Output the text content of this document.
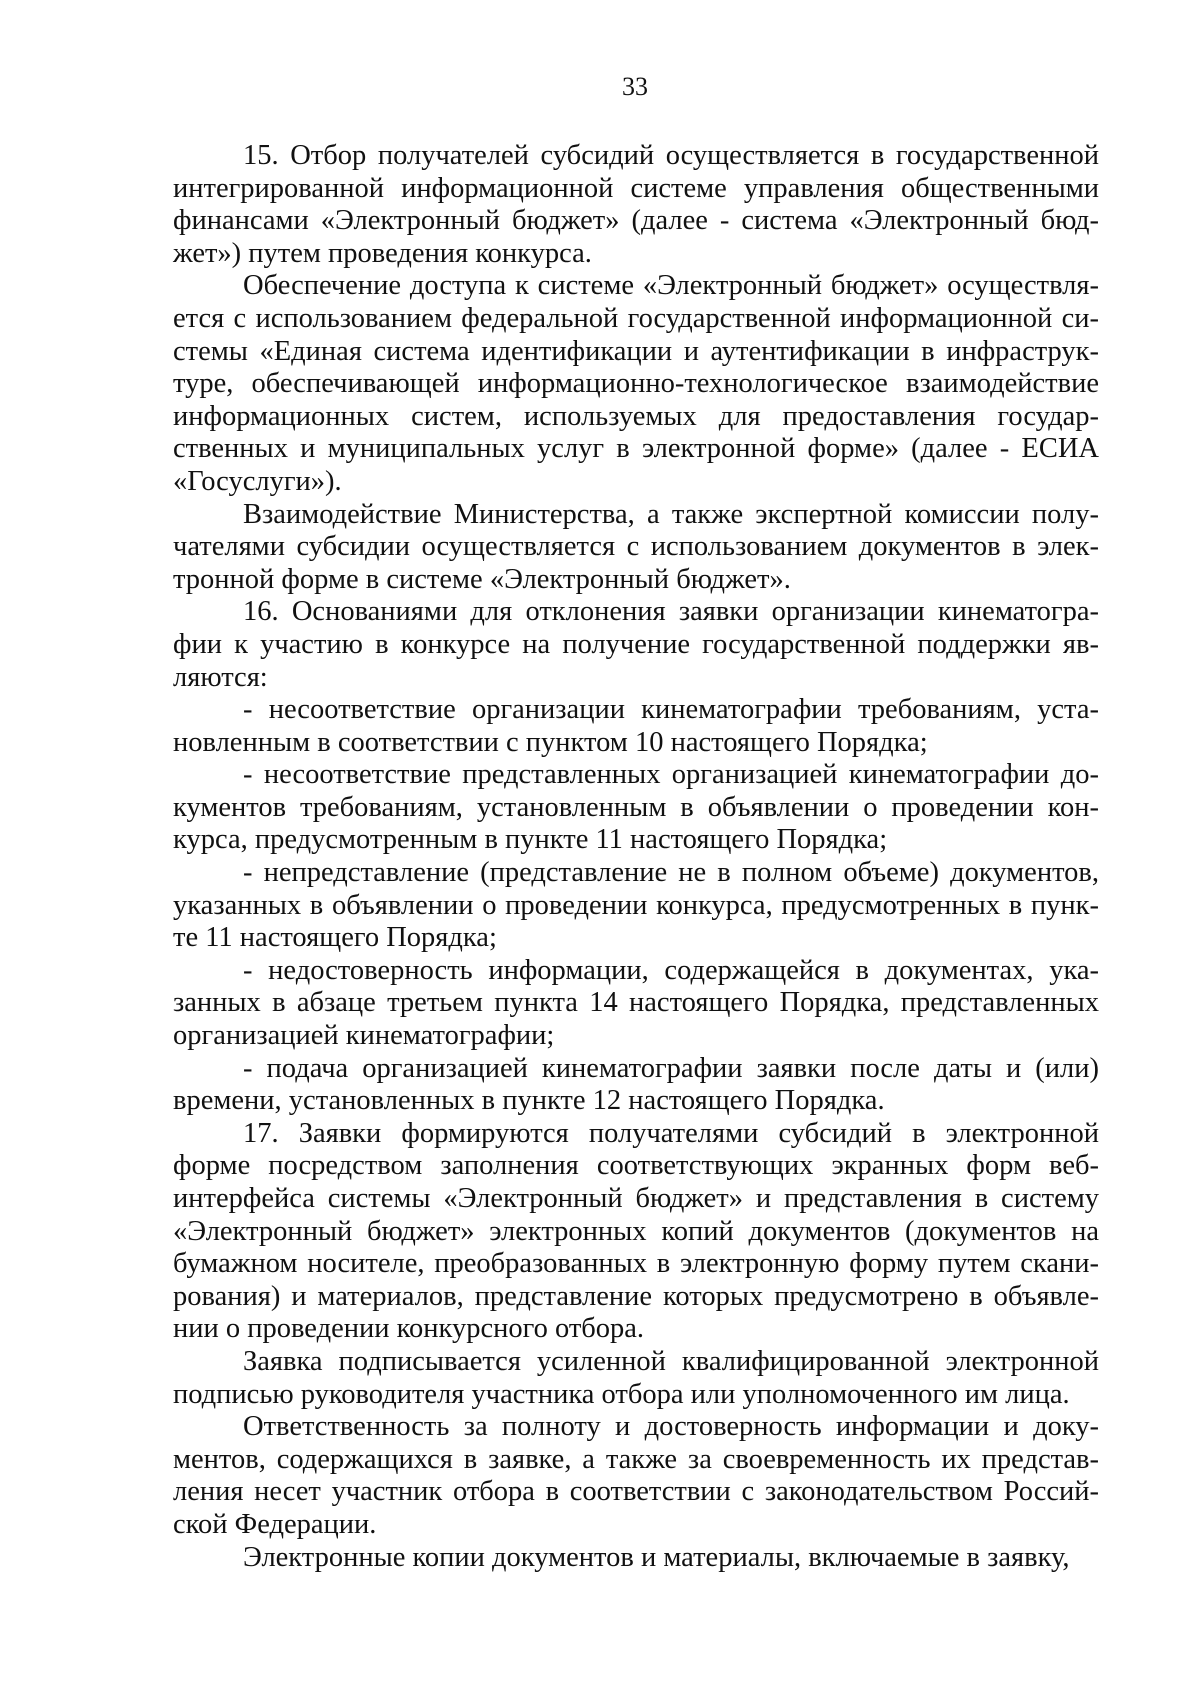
33

15. Отбор получателей субсидий осуществляется в государственной интегрированной информационной системе управления общественными финансами «Электронный бюджет» (далее - система «Электронный бюд-жет») путем проведения конкурса.

Обеспечение доступа к системе «Электронный бюджет» осуществля-ется с использованием федеральной государственной информационной си-стемы «Единая система идентификации и аутентификации в инфраструк-туре, обеспечивающей информационно-технологическое взаимодействие информационных систем, используемых для предоставления государ-ственных и муниципальных услуг в электронной форме» (далее - ЕСИА «Госуслуги»).

Взаимодействие Министерства, а также экспертной комиссии полу-чателями субсидии осуществляется с использованием документов в элек-тронной форме в системе «Электронный бюджет».

16. Основаниями для отклонения заявки организации кинематогра-фии к участию в конкурсе на получение государственной поддержки яв-ляются:

- несоответствие организации кинематографии требованиям, уста-новленным в соответствии с пунктом 10 настоящего Порядка;

- несоответствие представленных организацией кинематографии до-кументов требованиям, установленным в объявлении о проведении кон-курса, предусмотренным в пункте 11 настоящего Порядка;

- непредставление (представление не в полном объеме) документов, указанных в объявлении о проведении конкурса, предусмотренных в пунк-те 11 настоящего Порядка;

- недостоверность информации, содержащейся в документах, ука-занных в абзаце третьем пункта 14 настоящего Порядка, представленных организацией кинематографии;

- подача организацией кинематографии заявки после даты и (или) времени, установленных в пункте 12 настоящего Порядка.

17. Заявки формируются получателями субсидий в электронной форме посредством заполнения соответствующих экранных форм веб-интерфейса системы «Электронный бюджет» и представления в систему «Электронный бюджет» электронных копий документов (документов на бумажном носителе, преобразованных в электронную форму путем скани-рования) и материалов, представление которых предусмотрено в объявле-нии о проведении конкурсного отбора.

Заявка подписывается усиленной квалифицированной электронной подписью руководителя участника отбора или уполномоченного им лица.

Ответственность за полноту и достоверность информации и доку-ментов, содержащихся в заявке, а также за своевременность их представ-ления несет участник отбора в соответствии с законодательством Россий-ской Федерации.

Электронные копии документов и материалы, включаемые в заявку,
